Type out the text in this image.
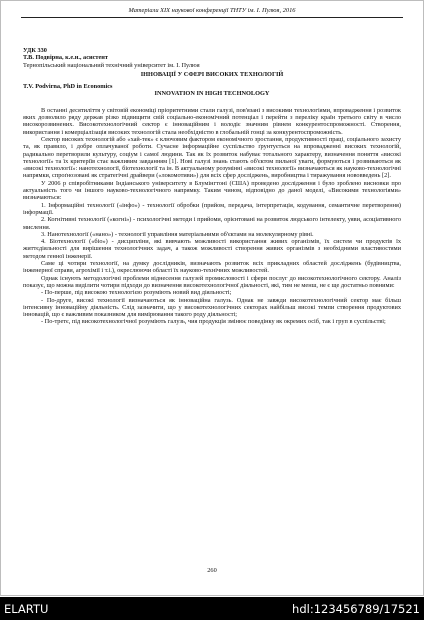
Матеріали XIX наукової конференції ТНТУ ім. І. Пулюя, 2016

УДК 330

Т.В. Подвірна, к.е.н., асистент

Тернопільський національний технічний університет ім. І. Пулюя

ІННОВАЦІЇ У СФЕРІ ВИСОКИХ ТЕХНОЛОГІЙ

T.V. Podvirna, PhD in Economics

INNOVATION IN HIGH TECHNOLOGY

В останні десятиліття у світовій економіці пріоритетними стали галузі, пов'язані з високими технологіями, впровадження і розвиток яких дозволило ряду держав різко підвищити свій соціально-економічний потенціал і перейти з переліку країн третього світу в число високорозвинених. Високотехнологічний сектор є інноваційним і володіє значним рівнем конкурентоспроможності. Створення, використання і комерціалізація високих технологій стала необхідністю в глобальній гонці за конкурентоспроможність.

Сектор високих технологій або «хай-тек» є ключовим фактором економічного зростання, продуктивності праці, соціального захисту та, як правило, і добре оплачуваної роботи. Сучасне інформаційне суспільство ґрунтується на впровадженні високих технологій, радикально перетворили культуру, соціум і самої людини. Так як їх розвиток набуває тотального характеру, визначення поняття «високі технології» та їх критеріїв стає важливим завданням [1]. Нові галузі знань стають об'єктом пильної уваги, формуються і розвиваються як «високі технології»: нанотехнології, біотехнології та ін. В актуальному розумінні «високі технології» визначаються як науково-технологічні напрямки, спроґнозовані як стратегічні драйвери («локомотиви») для всіх сфер досліджень, виробництва і тиражування нововведень [2].

У 2006 р співробітниками Індіанського університету в Блумінгтоні (США) проведено дослідження і було зроблено висновки про актуальність того чи іншого науково-технологічного напрямку. Таким чином, відповідно до даної моделі, «Високими технологіями» визначаються:

1. Інформаційні технології («інфо») - технології обробки (прийом, передача, інтерпретація, кодування, семантичне перетворення) інформації.

2. Когнітивні технології («когні») - психологічні методи і прийоми, орієнтовані на розвиток людського інтелекту, уяви, асоціативного мислення.

3. Нанотехнології («нано») - технології управління матеріальними об'єктами на молекулярному рівні.

4. Біотехнології («біо») - дисципліни, які вивчають можливості використання живих організмів, їх систем чи продуктів їх життєдіяльності для вирішення технологічних задач, а також можливості створення живих організмів з необхідними властивостями методом генної інженерії.

Саме ці чотири технології, на думку дослідників, визначають розвиток всіх прикладних областей досліджень (будівництва, інженерної справи, агрохімії і т.і.), окреслюючи області їх науково-технічних можливостей.

Однак існують методологічні проблеми віднесення галузей промисловості і сфери послуг до високотехнологічного сектору. Аналіз показує, що можна виділити чотири підходи до визначення високотехнологічної діяльності, які, тим не менш, не є ще достатньо повними:

- По-перше, під високою технологією розуміють новий вид діяльності;

- По-друге, високі технології визначаються як інноваційна галузь. Однак не завжди високотехнологічний сектор має більш інтенсивну інноваційну діяльність. Слід зазначити, що у високотехнологічних секторах найбільш високі темпи створення продуктових інновацій, що є важливим показником для вимірювання такого роду діяльності;

- По-третє, під високотехнологічної розуміють галузь, чия продукція змінює поведінку як окремих осіб, так і груп в суспільстві;

260
ELARTU	hdl:123456789/17521
